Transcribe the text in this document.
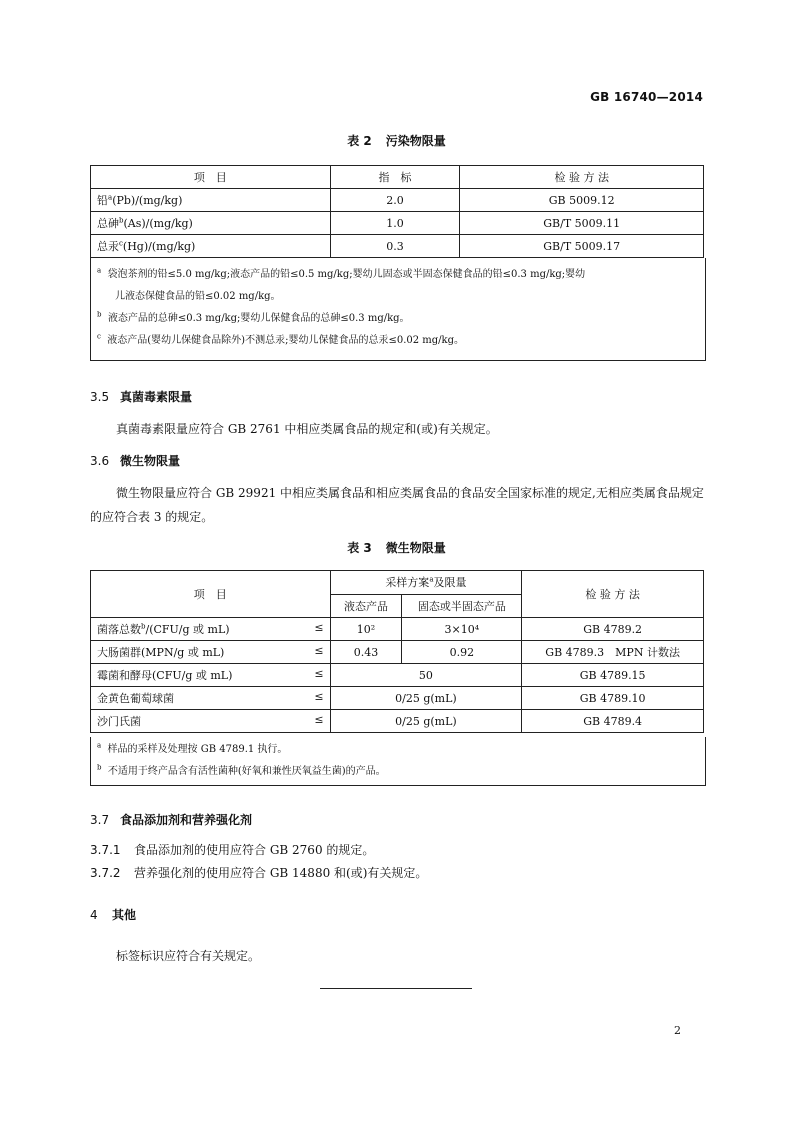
GB 16740—2014
表 2 污染物限量
项　目	指　标	检 验 方 法
铅$^a$(Pb)/(mg/kg)	2.0	GB 5009.12
总砷$^b$(As)/(mg/kg)	1.0	GB/T 5009.11
总汞$^c$(Hg)/(mg/kg)	0.3	GB/T 5009.17
$^a$ 袋泡茶剂的铅≤5.0 mg/kg;液态产品的铅≤0.5 mg/kg;婴幼儿固态或半固态保健食品的铅≤0.3 mg/kg;婴幼
儿液态保健食品的铅≤0.02 mg/kg。
$^b$ 液态产品的总砷≤0.3 mg/kg;婴幼儿保健食品的总砷≤0.3 mg/kg。
$^c$ 液态产品(婴幼儿保健食品除外)不测总汞;婴幼儿保健食品的总汞≤0.02 mg/kg。
3.5 真菌毒素限量
真菌毒素限量应符合 GB 2761 中相应类属食品的规定和(或)有关规定。
3.6 微生物限量
微生物限量应符合 GB 29921 中相应类属食品和相应类属食品的食品安全国家标准的规定,无相应类属食品规定的应符合表 3 的规定。
表 3 微生物限量
项　目	采样方案$^a$及限量		检 验 方 法
	液态产品	固态或半固态产品	
菌落总数$^b$/(CFU/g 或 mL) ≤	10²	3×10⁴	GB 4789.2
大肠菌群(MPN/g 或 mL) ≤	0.43	0.92	GB 4789.3　MPN 计数法
霉菌和酵母(CFU/g 或 mL) ≤	50		GB 4789.15
金黄色葡萄球菌 ≤	0/25 g(mL)		GB 4789.10
沙门氏菌 ≤	0/25 g(mL)		GB 4789.4
$^a$ 样品的采样及处理按 GB 4789.1 执行。
$^b$ 不适用于终产品含有活性菌种(好氧和兼性厌氧益生菌)的产品。
3.7 食品添加剂和营养强化剂
3.7.1 食品添加剂的使用应符合 GB 2760 的规定。
3.7.2 营养强化剂的使用应符合 GB 14880 和(或)有关规定。
4 其他
标签标识应符合有关规定。
2
